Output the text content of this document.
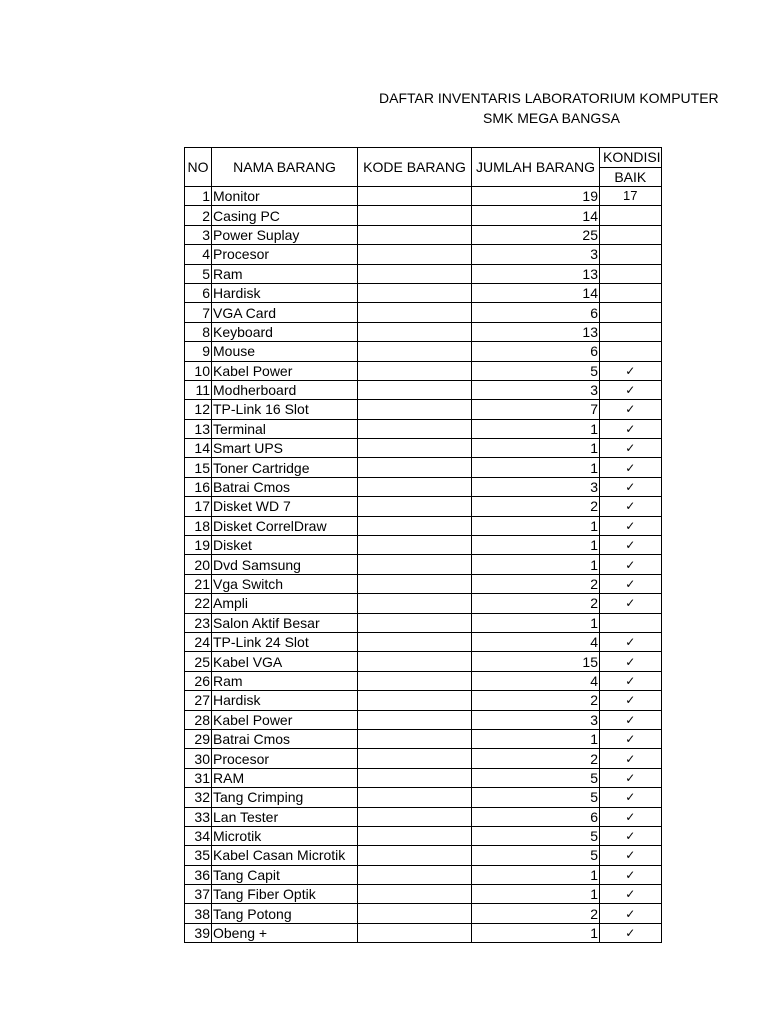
DAFTAR INVENTARIS LABORATORIUM KOMPUTER
SMK MEGA BANGSA
NO	NAMA BARANG	KODE BARANG	JUMLAH BARANG	KONDISI
				BAIK
1	Monitor		19	17
2	Casing PC		14	
3	Power Suplay		25	
4	Procesor		3	
5	Ram		13	
6	Hardisk		14	
7	VGA Card		6	
8	Keyboard		13	
9	Mouse		6	
10	Kabel Power		5	✓
11	Modherboard		3	✓
12	TP-Link 16 Slot		7	✓
13	Terminal		1	✓
14	Smart UPS		1	✓
15	Toner Cartridge		1	✓
16	Batrai Cmos		3	✓
17	Disket WD 7		2	✓
18	Disket CorrelDraw		1	✓
19	Disket		1	✓
20	Dvd Samsung		1	✓
21	Vga Switch		2	✓
22	Ampli		2	✓
23	Salon Aktif Besar		1	
24	TP-Link 24 Slot		4	✓
25	Kabel VGA		15	✓
26	Ram		4	✓
27	Hardisk		2	✓
28	Kabel Power		3	✓
29	Batrai Cmos		1	✓
30	Procesor		2	✓
31	RAM		5	✓
32	Tang Crimping		5	✓
33	Lan Tester		6	✓
34	Microtik		5	✓
35	Kabel Casan Microtik		5	✓
36	Tang Capit		1	✓
37	Tang Fiber Optik		1	✓
38	Tang Potong		2	✓
39	Obeng +		1	✓
